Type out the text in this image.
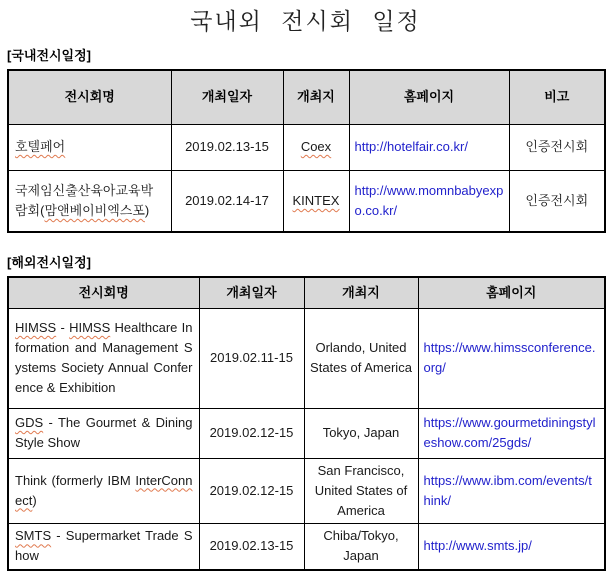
국내외 전시회 일정
[국내전시일정]
전시회명	개최일자	개최지	홈페이지	비고
호텔페어	2019.02.13-15	Coex	http://hotelfair.co.kr/	인증전시회
국제임신출산육아교육박람회(맘앤베이비엑스포)	2019.02.14-17	KINTEX	http://www.momnbabyexpo.co.kr/	인증전시회
[해외전시일정]
전시회명	개최일자	개최지	홈페이지
HIMSS - HIMSS Healthcare Information and Management Systems Society Annual Conference & Exhibition	2019.02.11-15	Orlando, United States of America	https://www.himssconference.org/
GDS - The Gourmet & Dining Style Show	2019.02.12-15	Tokyo, Japan	https://www.gourmetdiningstyleshow.com/25gds/
Think (formerly IBM InterConnect)	2019.02.12-15	San Francisco, United States of America	https://www.ibm.com/events/think/
SMTS - Supermarket Trade Show	2019.02.13-15	Chiba/Tokyo, Japan	http://www.smts.jp/
